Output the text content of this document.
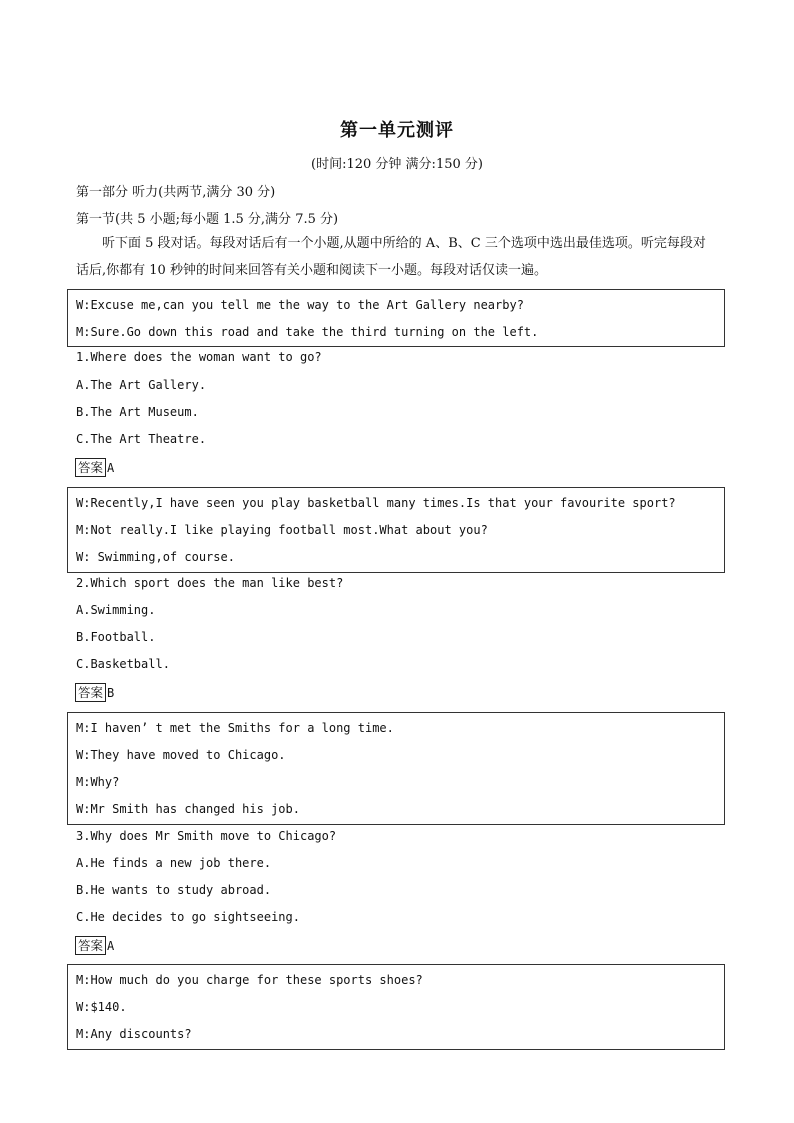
第一单元测评
(时间:120 分钟 满分:150 分)
第一部分 听力(共两节,满分 30 分)
第一节(共 5 小题;每小题 1.5 分,满分 7.5 分)
听下面 5 段对话。每段对话后有一个小题,从题中所给的 A、B、C 三个选项中选出最佳选项。听完每段对话后,你都有 10 秒钟的时间来回答有关小题和阅读下一小题。每段对话仅读一遍。
W:Excuse me,can you tell me the way to the Art Gallery nearby?
M:Sure.Go down this road and take the third turning on the left.
1.Where does the woman want to go?
A.The Art Gallery.
B.The Art Museum.
C.The Art Theatre.
答案 A
W:Recently,I have seen you play basketball many times.Is that your favourite sport?
M:Not really.I like playing football most.What about you?
W: Swimming,of course.
2.Which sport does the man like best?
A.Swimming.
B.Football.
C.Basketball.
答案 B
M:I haven’ t met the Smiths for a long time.
W:They have moved to Chicago.
M:Why?
W:Mr Smith has changed his job.
3.Why does Mr Smith move to Chicago?
A.He finds a new job there.
B.He wants to study abroad.
C.He decides to go sightseeing.
答案 A
M:How much do you charge for these sports shoes?
W:$140.
M:Any discounts?
